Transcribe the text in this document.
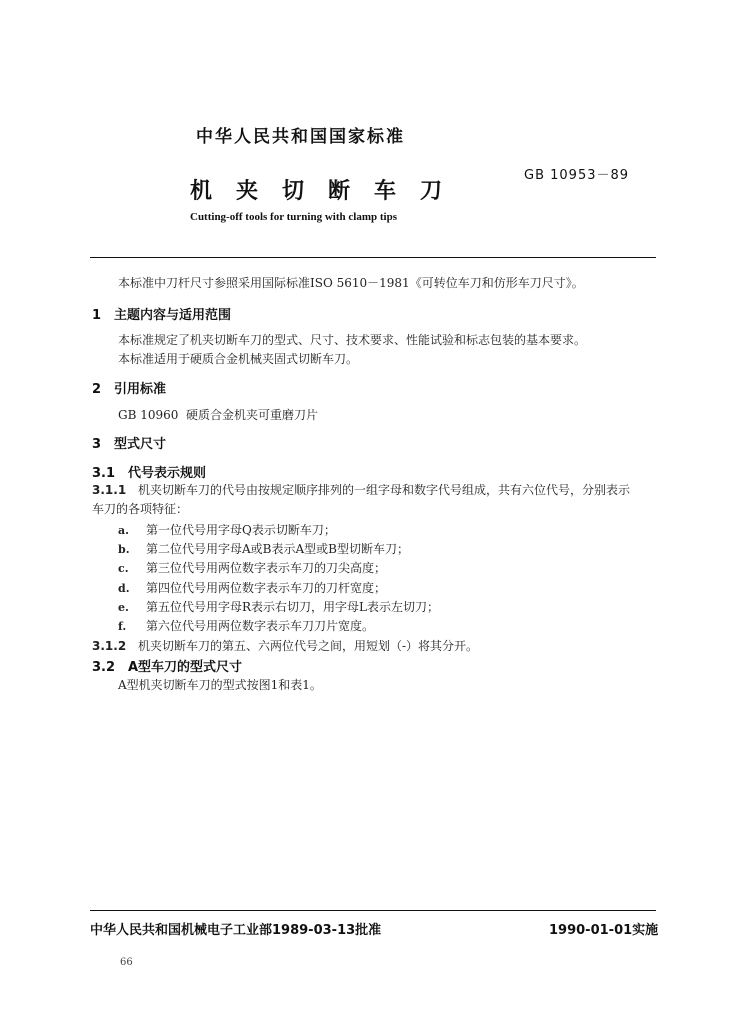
中华人民共和国国家标准
GB 10953－89
机夹切断车刀
Cutting-off tools for turning with clamp tips
本标准中刀杆尺寸参照采用国际标准ISO 5610－1981《可转位车刀和仿形车刀尺寸》。
1 主题内容与适用范围
本标准规定了机夹切断车刀的型式、尺寸、技术要求、性能试验和标志包装的基本要求。
本标准适用于硬质合金机械夹固式切断车刀。
2 引用标准
GB 10960  硬质合金机夹可重磨刀片
3 型式尺寸
3.1 代号表示规则
3.1.1 机夹切断车刀的代号由按规定顺序排列的一组字母和数字代号组成，共有六位代号，分别表示
车刀的各项特征：
a. 第一位代号用字母Q表示切断车刀；
b. 第二位代号用字母A或B表示A型或B型切断车刀；
c. 第三位代号用两位数字表示车刀的刀尖高度；
d. 第四位代号用两位数字表示车刀的刀杆宽度；
e. 第五位代号用字母R表示右切刀，用字母L表示左切刀；
f. 第六位代号用两位数字表示车刀刀片宽度。
3.1.2 机夹切断车刀的第五、六两位代号之间，用短划（-）将其分开。
3.2 A型车刀的型式尺寸
A型机夹切断车刀的型式按图1和表1。
中华人民共和国机械电子工业部1989-03-13批准	1990-01-01实施
66
